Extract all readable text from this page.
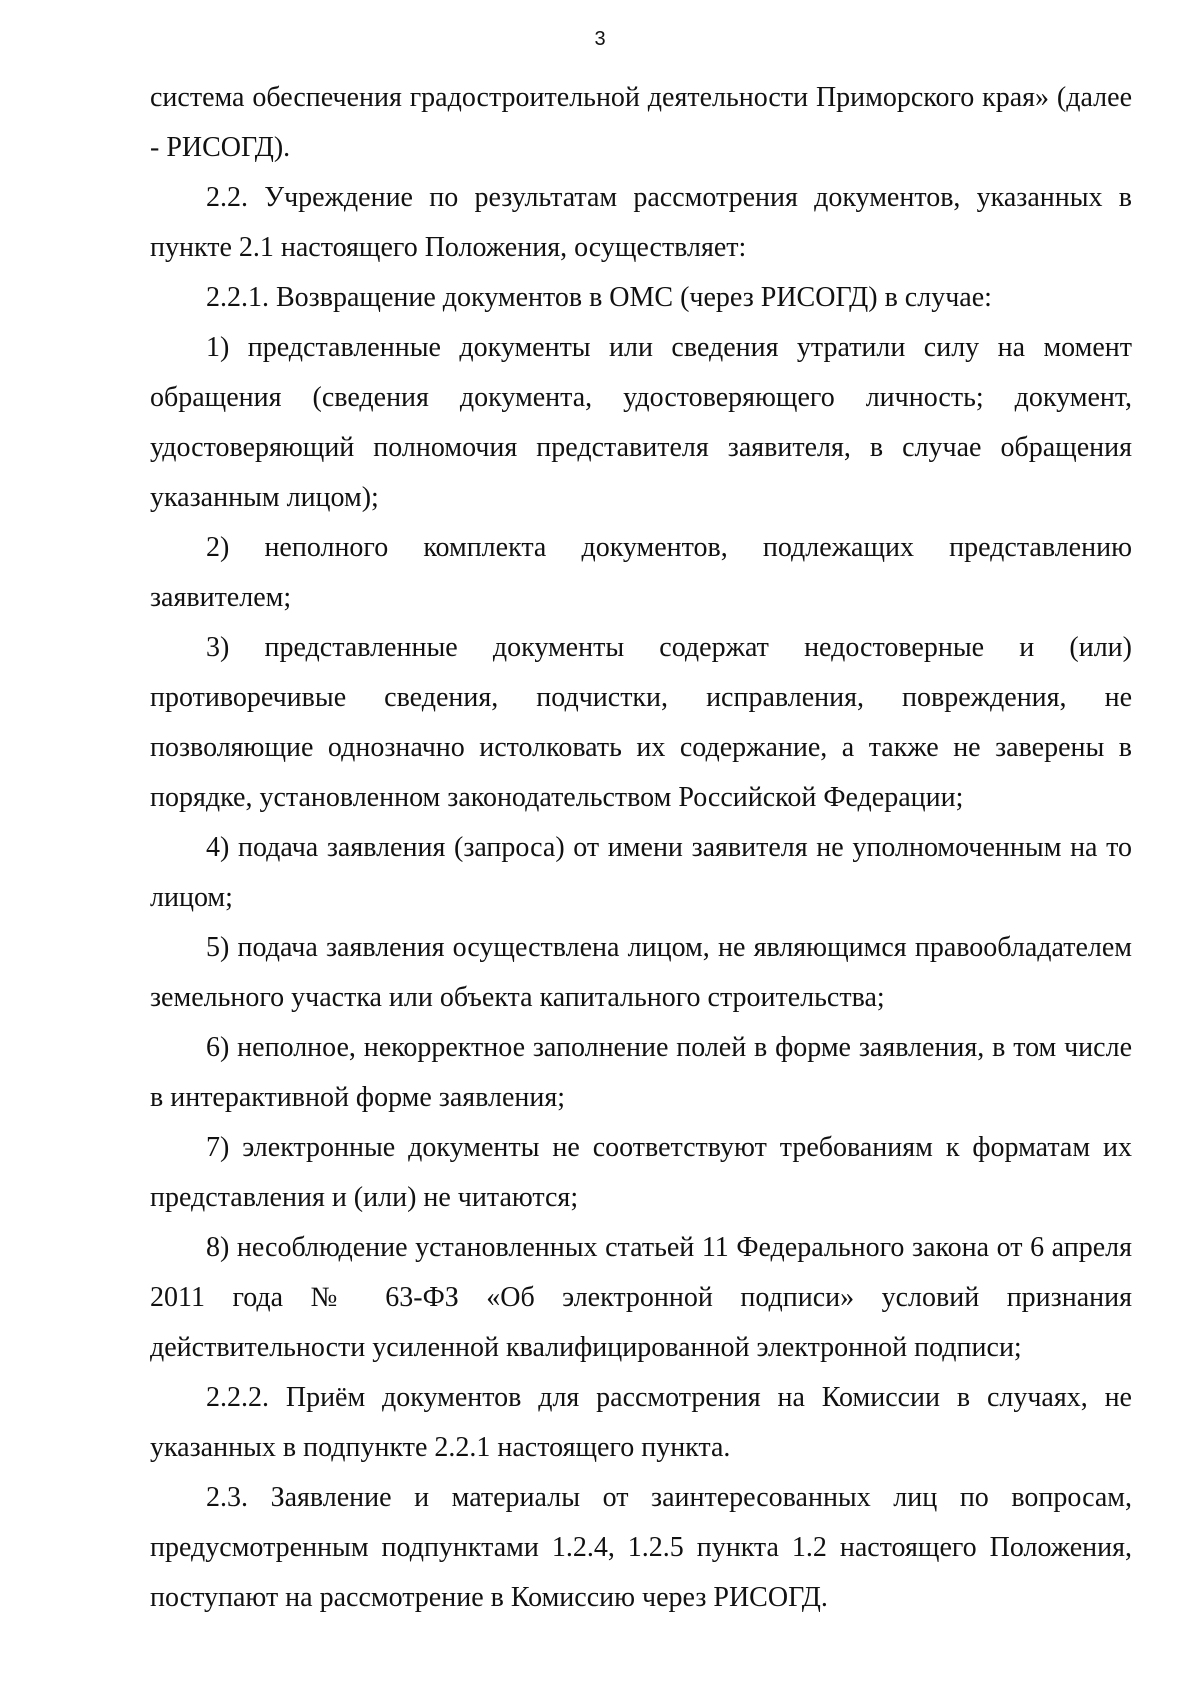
3

система обеспечения градостроительной деятельности Приморского края» (далее - РИСОГД).

2.2. Учреждение по результатам рассмотрения документов, указанных в пункте 2.1 настоящего Положения, осуществляет:

2.2.1. Возвращение документов в ОМС (через РИСОГД) в случае:

1) представленные документы или сведения утратили силу на момент обращения (сведения документа, удостоверяющего личность; документ, удостоверяющий полномочия представителя заявителя, в случае обращения указанным лицом);

2) неполного комплекта документов, подлежащих представлению заявителем;

3) представленные документы содержат недостоверные и (или) противоречивые сведения, подчистки, исправления, повреждения, не позволяющие однозначно истолковать их содержание, а также не заверены в порядке, установленном законодательством Российской Федерации;

4) подача заявления (запроса) от имени заявителя не уполномоченным на то лицом;

5) подача заявления осуществлена лицом, не являющимся правообладателем земельного участка или объекта капитального строительства;

6) неполное, некорректное заполнение полей в форме заявления, в том числе в интерактивной форме заявления;

7) электронные документы не соответствуют требованиям к форматам их представления и (или) не читаются;

8) несоблюдение установленных статьей 11 Федерального закона от 6 апреля 2011 года № 63-ФЗ «Об электронной подписи» условий признания действительности усиленной квалифицированной электронной подписи;

2.2.2. Приём документов для рассмотрения на Комиссии в случаях, не указанных в подпункте 2.2.1 настоящего пункта.

2.3. Заявление и материалы от заинтересованных лиц по вопросам, предусмотренным подпунктами 1.2.4, 1.2.5 пункта 1.2 настоящего Положения, поступают на рассмотрение в Комиссию через РИСОГД.
